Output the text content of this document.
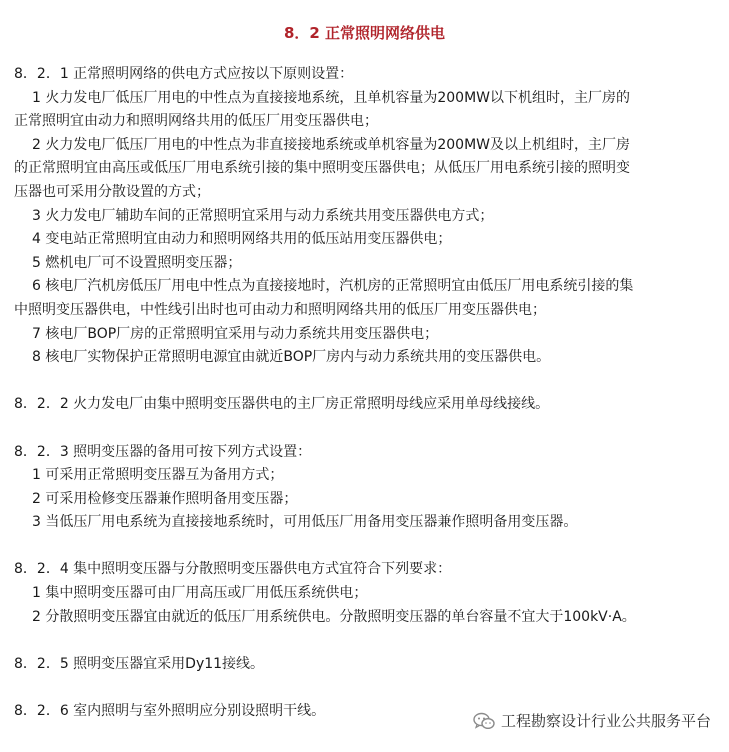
8．2 正常照明网络供电
8．2．1 正常照明网络的供电方式应按以下原则设置：
1 火力发电厂低压厂用电的中性点为直接接地系统，且单机容量为200MW以下机组时，主厂房的
正常照明宜由动力和照明网络共用的低压厂用变压器供电；
2 火力发电厂低压厂用电的中性点为非直接接地系统或单机容量为200MW及以上机组时，主厂房
的正常照明宜由高压或低压厂用电系统引接的集中照明变压器供电；从低压厂用电系统引接的照明变
压器也可采用分散设置的方式；
3 火力发电厂辅助车间的正常照明宜采用与动力系统共用变压器供电方式；
4 变电站正常照明宜由动力和照明网络共用的低压站用变压器供电；
5 燃机电厂可不设置照明变压器；
6 核电厂汽机房低压厂用电中性点为直接接地时，汽机房的正常照明宜由低压厂用电系统引接的集
中照明变压器供电，中性线引出时也可由动力和照明网络共用的低压厂用变压器供电；
7 核电厂BOP厂房的正常照明宜采用与动力系统共用变压器供电；
8 核电厂实物保护正常照明电源宜由就近BOP厂房内与动力系统共用的变压器供电。
8．2．2 火力发电厂由集中照明变压器供电的主厂房正常照明母线应采用单母线接线。
8．2．3 照明变压器的备用可按下列方式设置：
1 可采用正常照明变压器互为备用方式；
2 可采用检修变压器兼作照明备用变压器；
3 当低压厂用电系统为直接接地系统时，可用低压厂用备用变压器兼作照明备用变压器。
8．2．4 集中照明变压器与分散照明变压器供电方式宜符合下列要求：
1 集中照明变压器可由厂用高压或厂用低压系统供电；
2 分散照明变压器宜由就近的低压厂用系统供电。分散照明变压器的单台容量不宜大于100kV·A。
8．2．5 照明变压器宜采用Dy11接线。
8．2．6 室内照明与室外照明应分别设照明干线。
工程勘察设计行业公共服务平台
